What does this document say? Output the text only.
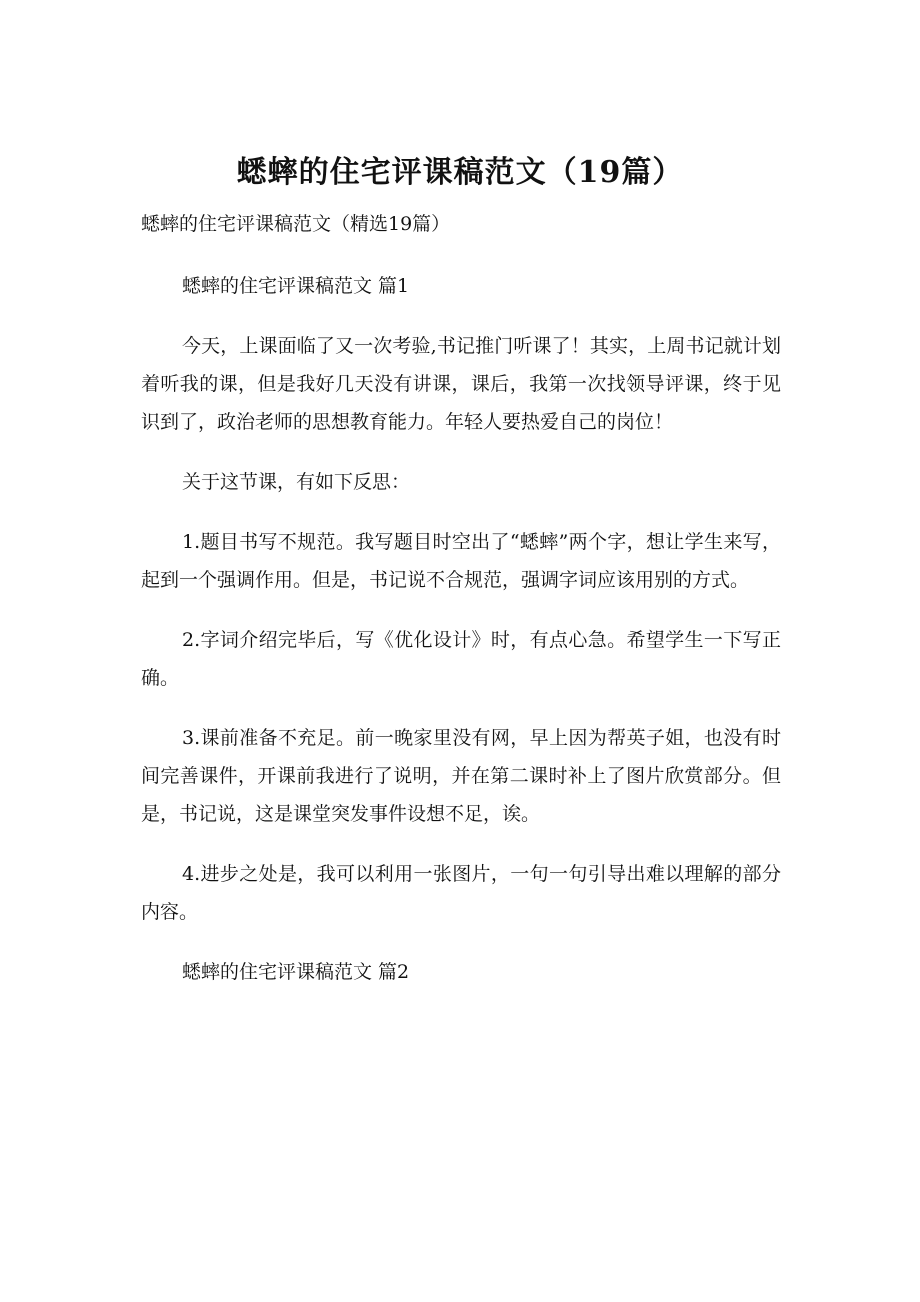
蟋蟀的住宅评课稿范文（19篇）
蟋蟀的住宅评课稿范文（精选19篇）

蟋蟀的住宅评课稿范文 篇1

今天，上课面临了又一次考验,书记推门听课了！其实，上周书记就计划着听我的课，但是我好几天没有讲课，课后，我第一次找领导评课，终于见识到了，政治老师的思想教育能力。年轻人要热爱自己的岗位！

关于这节课，有如下反思：

1.题目书写不规范。我写题目时空出了“蟋蟀”两个字，想让学生来写，起到一个强调作用。但是，书记说不合规范，强调字词应该用别的方式。

2.字词介绍完毕后，写《优化设计》时，有点心急。希望学生一下写正确。

3.课前准备不充足。前一晚家里没有网，早上因为帮英子姐，也没有时间完善课件，开课前我进行了说明，并在第二课时补上了图片欣赏部分。但是，书记说，这是课堂突发事件设想不足，诶。

4.进步之处是，我可以利用一张图片，一句一句引导出难以理解的部分内容。

蟋蟀的住宅评课稿范文 篇2
